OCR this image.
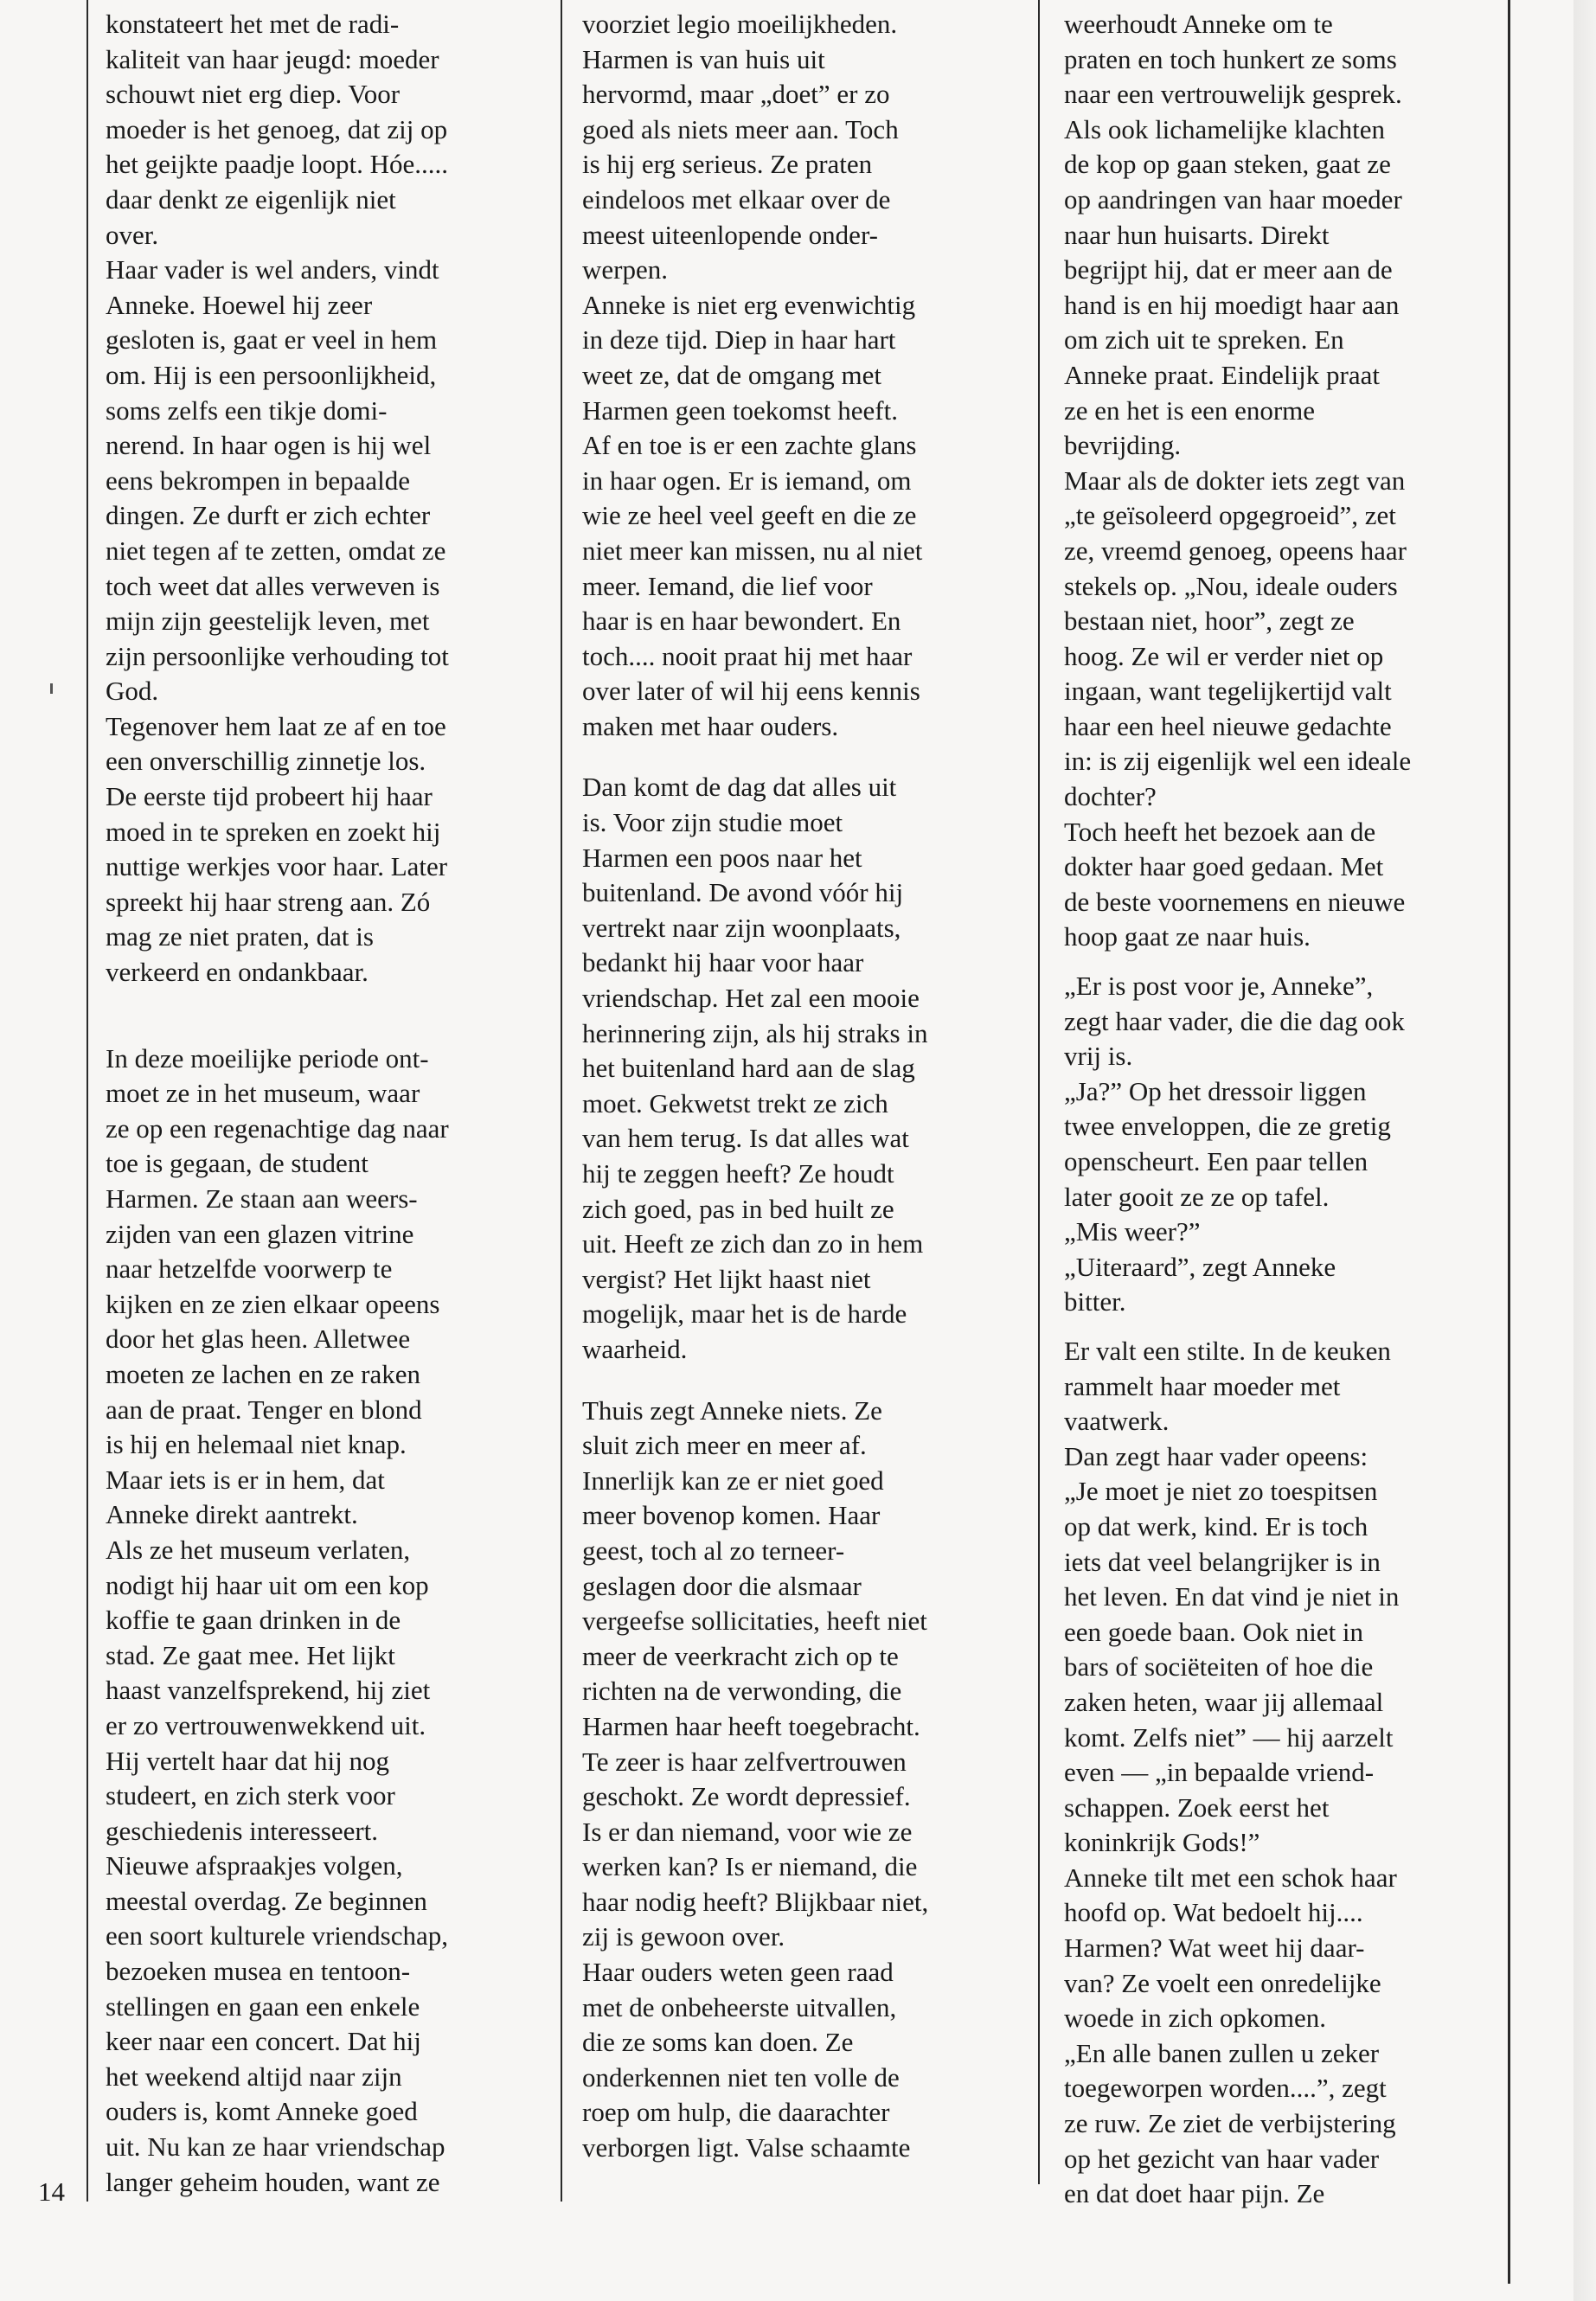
14

konstateert het met de radi-
kaliteit van haar jeugd: moeder
schouwt niet erg diep. Voor
moeder is het genoeg, dat zij op
het geijkte paadje loopt. Hóe.....
daar denkt ze eigenlijk niet
over.

Haar vader is wel anders, vindt
Anneke. Hoewel hij zeer
gesloten is, gaat er veel in hem
om. Hij is een persoonlijkheid,
soms zelfs een tikje domi-
nerend. In haar ogen is hij wel
eens bekrompen in bepaalde
dingen. Ze durft er zich echter
niet tegen af te zetten, omdat ze
toch weet dat alles verweven is
mijn zijn geestelijk leven, met
zijn persoonlijke verhouding tot
God.

Tegenover hem laat ze af en toe
een onverschillig zinnetje los.
De eerste tijd probeert hij haar
moed in te spreken en zoekt hij
nuttige werkjes voor haar. Later
spreekt hij haar streng aan. Zó
mag ze niet praten, dat is
verkeerd en ondankbaar.

In deze moeilijke periode ont-
moet ze in het museum, waar
ze op een regenachtige dag naar
toe is gegaan, de student
Harmen. Ze staan aan weers-
zijden van een glazen vitrine
naar hetzelfde voorwerp te
kijken en ze zien elkaar opeens
door het glas heen. Alletwee
moeten ze lachen en ze raken
aan de praat. Tenger en blond
is hij en helemaal niet knap.
Maar iets is er in hem, dat
Anneke direkt aantrekt.

Als ze het museum verlaten,
nodigt hij haar uit om een kop
koffie te gaan drinken in de
stad. Ze gaat mee. Het lijkt
haast vanzelfsprekend, hij ziet
er zo vertrouwenwekkend uit.
Hij vertelt haar dat hij nog
studeert, en zich sterk voor
geschiedenis interesseert.

Nieuwe afspraakjes volgen,
meestal overdag. Ze beginnen
een soort kulturele vriendschap,
bezoeken musea en tentoon-
stellingen en gaan een enkele
keer naar een concert. Dat hij
het weekend altijd naar zijn
ouders is, komt Anneke goed
uit. Nu kan ze haar vriendschap
langer geheim houden, want ze

voorziet legio moeilijkheden.
Harmen is van huis uit
hervormd, maar „doet” er zo
goed als niets meer aan. Toch
is hij erg serieus. Ze praten
eindeloos met elkaar over de
meest uiteenlopende onder-
werpen.

Anneke is niet erg evenwichtig
in deze tijd. Diep in haar hart
weet ze, dat de omgang met
Harmen geen toekomst heeft.
Af en toe is er een zachte glans
in haar ogen. Er is iemand, om
wie ze heel veel geeft en die ze
niet meer kan missen, nu al niet
meer. Iemand, die lief voor
haar is en haar bewondert. En
toch.... nooit praat hij met haar
over later of wil hij eens kennis
maken met haar ouders.

Dan komt de dag dat alles uit
is. Voor zijn studie moet
Harmen een poos naar het
buitenland. De avond vóór hij
vertrekt naar zijn woonplaats,
bedankt hij haar voor haar
vriendschap. Het zal een mooie
herinnering zijn, als hij straks in
het buitenland hard aan de slag
moet. Gekwetst trekt ze zich
van hem terug. Is dat alles wat
hij te zeggen heeft? Ze houdt
zich goed, pas in bed huilt ze
uit. Heeft ze zich dan zo in hem
vergist? Het lijkt haast niet
mogelijk, maar het is de harde
waarheid.

Thuis zegt Anneke niets. Ze
sluit zich meer en meer af.
Innerlijk kan ze er niet goed
meer bovenop komen. Haar
geest, toch al zo terneer-
geslagen door die alsmaar
vergeefse sollicitaties, heeft niet
meer de veerkracht zich op te
richten na de verwonding, die
Harmen haar heeft toegebracht.
Te zeer is haar zelfvertrouwen
geschokt. Ze wordt depressief.
Is er dan niemand, voor wie ze
werken kan? Is er niemand, die
haar nodig heeft? Blijkbaar niet,
zij is gewoon over.

Haar ouders weten geen raad
met de onbeheerste uitvallen,
die ze soms kan doen. Ze
onderkennen niet ten volle de
roep om hulp, die daarachter
verborgen ligt. Valse schaamte

weerhoudt Anneke om te
praten en toch hunkert ze soms
naar een vertrouwelijk gesprek.
Als ook lichamelijke klachten
de kop op gaan steken, gaat ze
op aandringen van haar moeder
naar hun huisarts. Direkt
begrijpt hij, dat er meer aan de
hand is en hij moedigt haar aan
om zich uit te spreken. En
Anneke praat. Eindelijk praat
ze en het is een enorme
bevrijding.

Maar als de dokter iets zegt van
„te geïsoleerd opgegroeid”, zet
ze, vreemd genoeg, opeens haar
stekels op. „Nou, ideale ouders
bestaan niet, hoor”, zegt ze
hoog. Ze wil er verder niet op
ingaan, want tegelijkertijd valt
haar een heel nieuwe gedachte
in: is zij eigenlijk wel een ideale
dochter?

Toch heeft het bezoek aan de
dokter haar goed gedaan. Met
de beste voornemens en nieuwe
hoop gaat ze naar huis.

„Er is post voor je, Anneke”,
zegt haar vader, die die dag ook
vrij is.

„Ja?” Op het dressoir liggen
twee enveloppen, die ze gretig
openscheurt. Een paar tellen
later gooit ze ze op tafel.

„Mis weer?”

„Uiteraard”, zegt Anneke
bitter.

Er valt een stilte. In de keuken
rammelt haar moeder met
vaatwerk.

Dan zegt haar vader opeens:
„Je moet je niet zo toespitsen
op dat werk, kind. Er is toch
iets dat veel belangrijker is in
het leven. En dat vind je niet in
een goede baan. Ook niet in
bars of sociëteiten of hoe die
zaken heten, waar jij allemaal
komt. Zelfs niet” — hij aarzelt
even — „in bepaalde vriend-
schappen. Zoek eerst het
koninkrijk Gods!”

Anneke tilt met een schok haar
hoofd op. Wat bedoelt hij....
Harmen? Wat weet hij daar-
van? Ze voelt een onredelijke
woede in zich opkomen.

„En alle banen zullen u zeker
toegeworpen worden....”, zegt
ze ruw. Ze ziet de verbijstering
op het gezicht van haar vader
en dat doet haar pijn. Ze
